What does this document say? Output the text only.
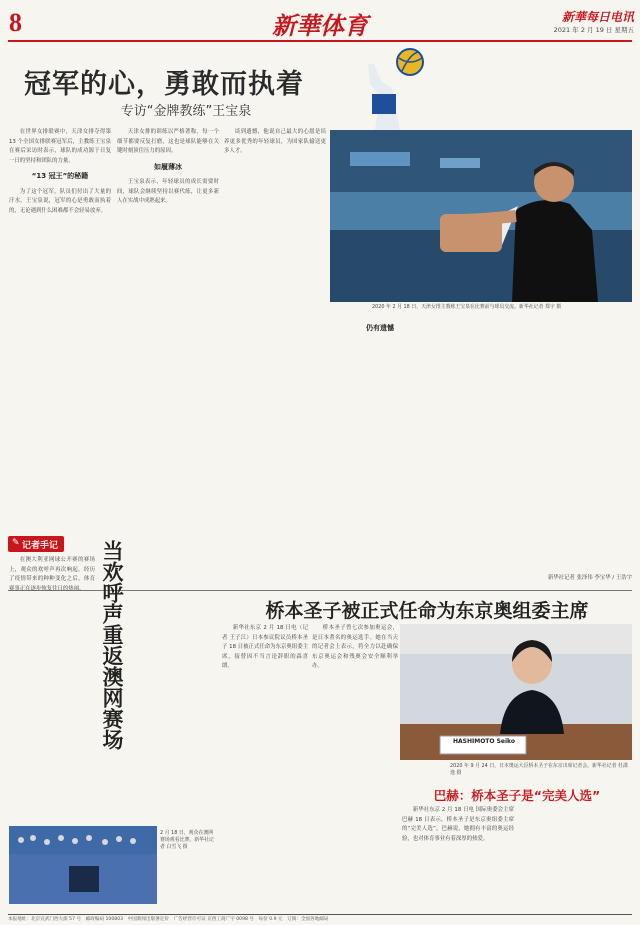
8	新華体育	新華每日电讯
2021 年 2 月 19 日 星期五
冠军的心，勇敢而执着
专访“金牌教练”王宝泉
2020 年 2 月 18 日，天津女排主教练王宝泉在比赛前与球员交流。新华社记者 郑宇 摄

在世界女排联赛中，天津女排夺得第 13 个全国女排联赛冠军后，主教练王宝泉在赛后采访时表示，球队的成功源于日复一日的坚持和团队的力量。

“13 冠王”的秘籍

为了这个冠军，队员们付出了大量的汗水。王宝泉说，冠军的心是勇敢而执着的，无论遇到什么困难都不会轻易放弃。

天津女排的训练以严格著称，每一个细节都要反复打磨，这也是球队能够在关键时刻顶住压力的原因。

如履薄冰

王宝泉表示，年轻球员的成长需要时间，球队会继续坚持以赛代练，让更多新人在实战中成熟起来。

谈到遗憾，他说自己最大的心愿是培养更多优秀的年轻球员，为国家队输送更多人才。

仍有遗憾
新华社记者 张泽伟 李宝华 / 王浩宇
✎ 记者手记

在澳大利亚网球公开赛的赛场上，观众的欢呼声再次响起。经历了疫情带来的种种变化之后，体育赛事正在逐步恢复往日的热闹。 当欢呼声重返澳网赛场
2 月 18 日，观众在澳网赛场观看比赛。新华社记者 白雪飞 摄
桥本圣子被正式任命为东京奥组委主席

新华社东京 2 月 18 日电（记者 王子江）日本参议院议员桥本圣子 18 日被正式任命为东京奥组委主席，接替因不当言论辞职的森喜朗。

桥本圣子曾七次参加奥运会，是日本著名的奥运选手。她在当天的记者会上表示，将全力以赴确保东京奥运会和残奥会安全顺利举办。

HASHIMOTO Seiko
2020 年 9 月 24 日，日本奥运大臣桥本圣子在东京出席记者会。新华社记者 杜潇逸 摄
巴赫：桥本圣子是“完美人选”

新华社东京 2 月 18 日电 国际奥委会主席巴赫 18 日表示，桥本圣子是东京奥组委主席的“完美人选”。巴赫说，她拥有丰富的奥运经验，也对体育事业有着深厚的热爱。

本报地址：北京宣武门西大街 57 号　邮政编码 100803　中国新闻出版署定价　广告经营许可证 京西工商广字 0098 号　每份 0.9 元　订阅：全国各地邮局
